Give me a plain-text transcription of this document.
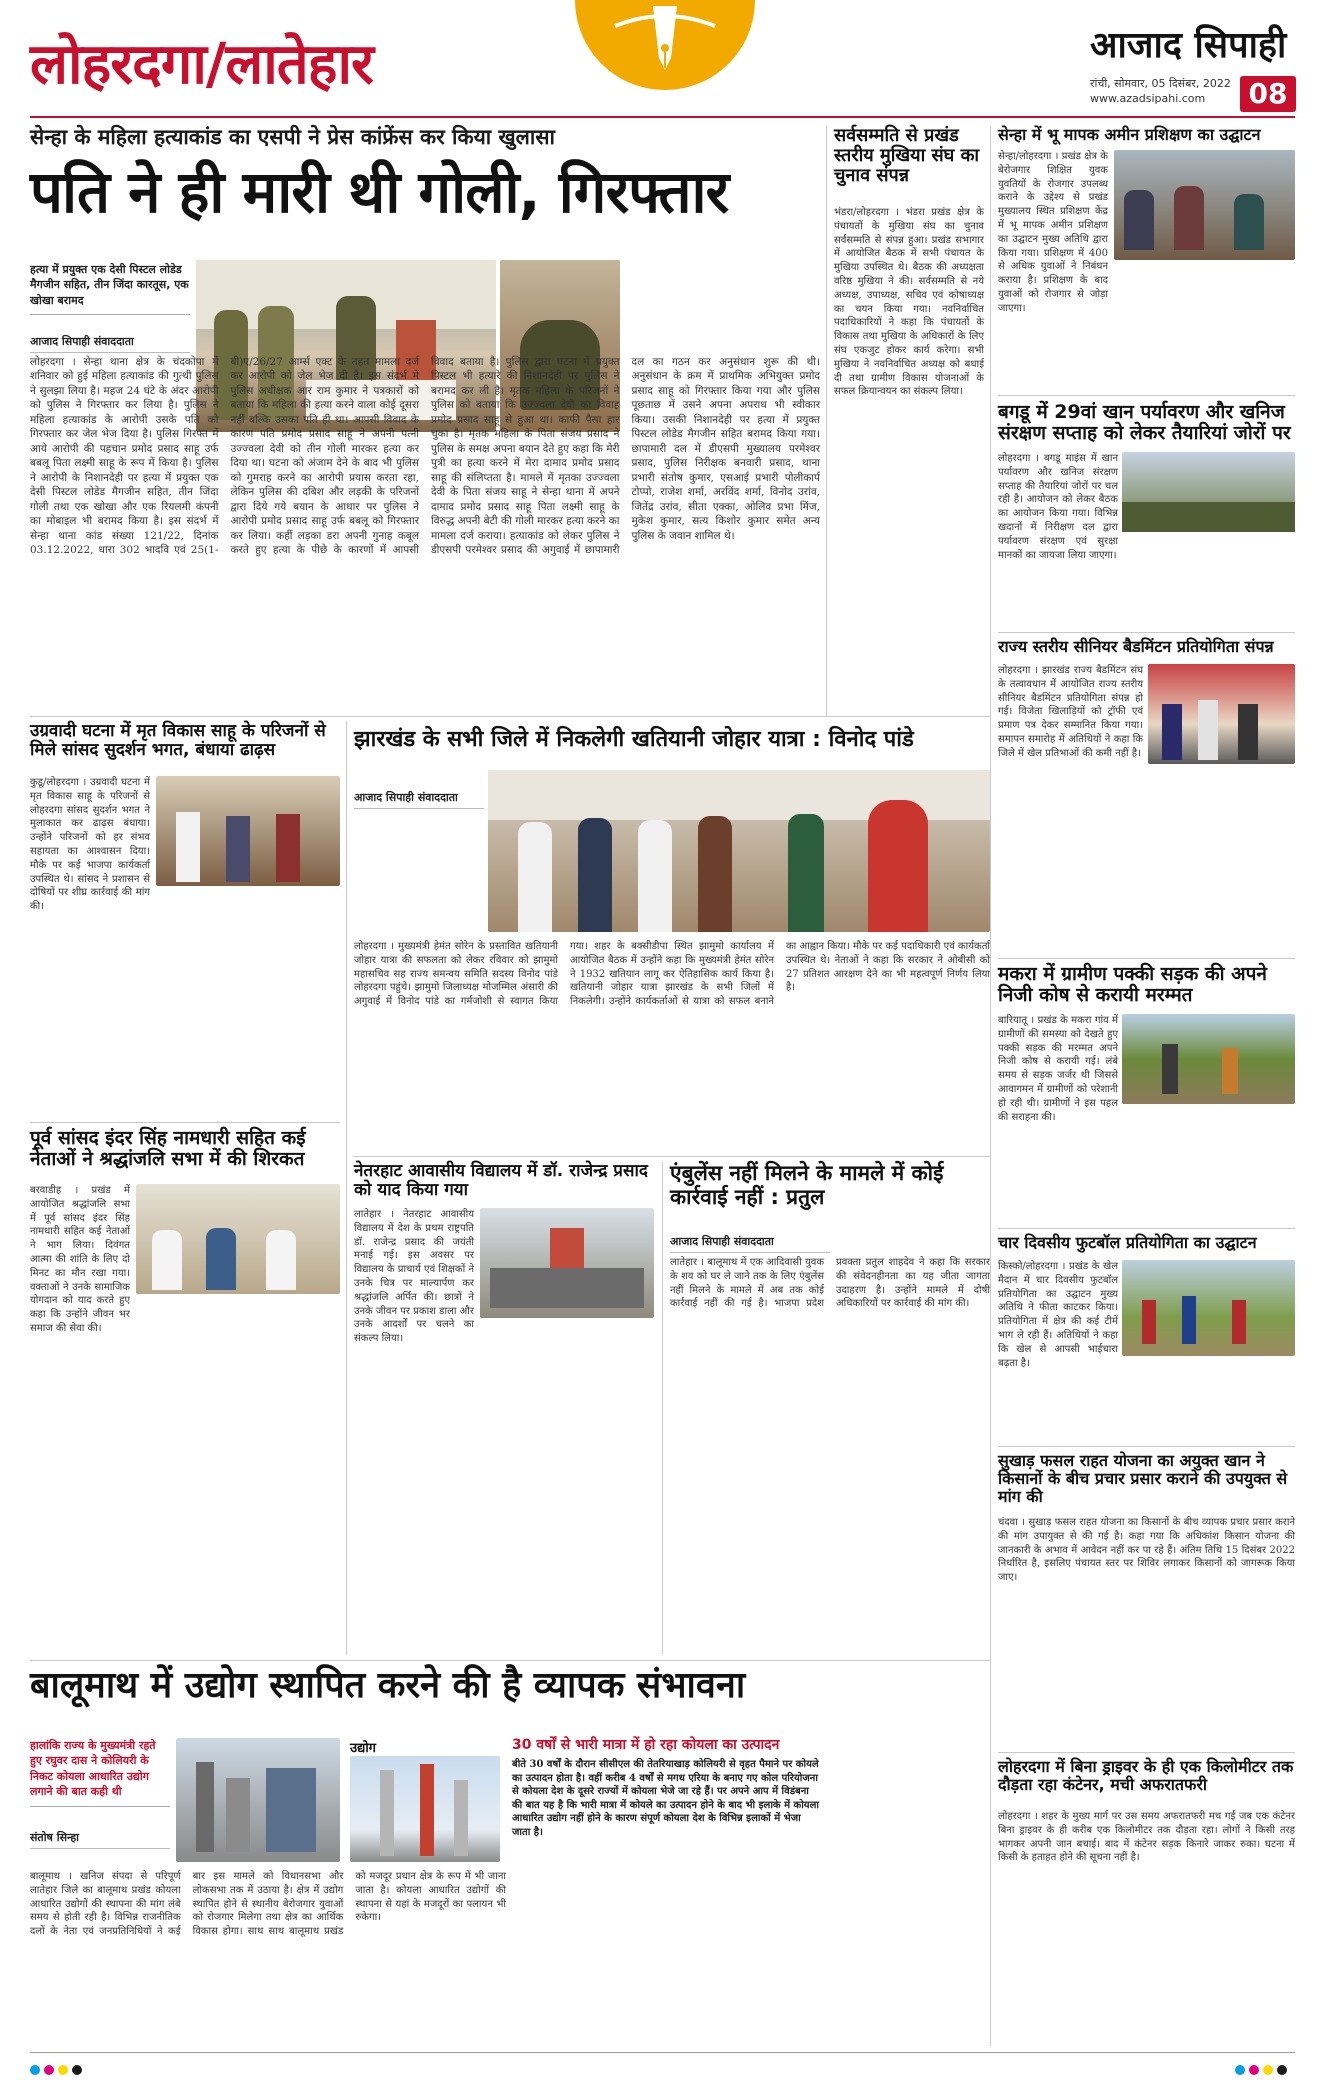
लोहरदगा/लातेहार	आजाद सिपाही
रांची, सोमवार, 05 दिसंबर, 2022
www.azadsipahi.com	08
सेन्हा के महिला हत्याकांड का एसपी ने प्रेस कांफ्रेंस कर किया खुलासा
पति ने ही मारी थी गोली, गिरफ्तार
हत्या में प्रयुक्त एक देसी पिस्टल लोडेड मैगजीन सहित, तीन जिंदा कारतूस, एक खोखा बरामद
आजाद सिपाही संवाददाता
लोहरदगा । सेन्हा थाना क्षेत्र के चंदकोपा में शनिवार को हुई महिला हत्याकांड की गुत्थी पुलिस ने सुलझा लिया है। महज 24 घंटे के अंदर आरोपी को पुलिस ने गिरफ्तार कर लिया है। पुलिस ने महिला हत्याकांड के आरोपी उसके पति को गिरफ्तार कर जेल भेज दिया है। पुलिस गिरफ्त में आये आरोपी की पहचान प्रमोद प्रसाद साहू उर्फ बबलू पिता लक्ष्मी साहू के रूप में किया है। पुलिस ने आरोपी के निशानदेही पर हत्या में प्रयुक्त एक देसी पिस्टल लोडेड मैगजीन सहित, तीन जिंदा गोली तथा एक खोखा और एक रियलमी कंपनी का मोबाइल भी बरामद किया है। इस संदर्भ में सेन्हा थाना कांड संख्या 121/22, दिनांक 03.12.2022, धारा 302 भादवि एवं 25(1-बी)ए/26/27 आर्म्स एक्ट के तहत मामला दर्ज कर आरोपी को जेल भेज दी है। इस संदर्भ में पुलिस अधीक्षक आर राम कुमार ने पत्रकारों को बताया कि महिला की हत्या करने वाला कोई दूसरा नहीं बल्कि उसका पति ही था। आपसी विवाद के कारण पति प्रमोद प्रसाद साहू ने अपनी पत्नी उज्ज्वला देवी को तीन गोली मारकर हत्या कर दिया था। घटना को अंजाम देने के बाद भी पुलिस को गुमराह करने का आरोपी प्रयास करता रहा, लेकिन पुलिस की दबिश और लड़की के परिजनों द्वारा दिये गये बयान के आधार पर पुलिस ने आरोपी प्रमोद प्रसाद साहू उर्फ बबलू को गिरफ्तार कर लिया। कहीं लड़का डरा अपनी गुनाह कबूल करते हुए हत्या के पीछे के कारणों में आपसी विवाद बताया है। पुलिस द्वारा घटना में प्रयुक्त पिस्टल भी हत्यारे की निशानदेही पर पुलिस ने बरामद कर ली है। मृतक महिला के परिजनों ने पुलिस को बताया कि उज्ज्वला देवी का विवाह प्रमोद प्रसाद साहू से हुआ था। काफी पैसा हार चुका है। मृतक महिला के पिता संजय प्रसाद ने पुलिस के समक्ष अपना बयान देते हुए कहा कि मेरी पुत्री का हत्या करने में मेरा दामाद प्रमोद प्रसाद साहू की संलिप्तता है। मामले में मृतका उज्ज्वला देवी के पिता संजय साहू ने सेन्हा थाना में अपने दामाद प्रमोद प्रसाद साहू पिता लक्ष्मी साहू के विरुद्ध अपनी बेटी की गोली मारकर हत्या करने का मामला दर्ज कराया। हत्याकांड को लेकर पुलिस ने डीएसपी परमेश्वर प्रसाद की अगुवाई में छापामारी दल का गठन कर अनुसंधान शुरू की थी। अनुसंधान के क्रम में प्राथमिक अभियुक्त प्रमोद प्रसाद साहू को गिरफ्तार किया गया और पुलिस पूछताछ में उसने अपना अपराध भी स्वीकार किया। उसकी निशानदेही पर हत्या में प्रयुक्त पिस्टल लोडेड मैगजीन सहित बरामद किया गया। छापामारी दल में डीएसपी मुख्यालय परमेश्वर प्रसाद, पुलिस निरीक्षक बनवारी प्रसाद, थाना प्रभारी संतोष कुमार, एसआई प्रभारी पोलीकार्प टोप्पो, राजेश शर्मा, अरविंद शर्मा, विनोद उरांव, जितेंद्र उरांव, सीता एक्का, ओलिव प्रभा मिंज, मुकेश कुमार, सत्य किशोर कुमार समेत अन्य पुलिस के जवान शामिल थे।
सर्वसम्मति से प्रखंड स्तरीय मुखिया संघ का चुनाव संपन्न
भंडरा/लोहरदगा । भंडरा प्रखंड क्षेत्र के पंचायतों के मुखिया संघ का चुनाव सर्वसम्मति से संपन्न हुआ। प्रखंड सभागार में आयोजित बैठक में सभी पंचायत के मुखिया उपस्थित थे। बैठक की अध्यक्षता वरिष्ठ मुखिया ने की। सर्वसम्मति से नये अध्यक्ष, उपाध्यक्ष, सचिव एवं कोषाध्यक्ष का चयन किया गया। नवनिर्वाचित पदाधिकारियों ने कहा कि पंचायतों के विकास तथा मुखिया के अधिकारों के लिए संघ एकजुट होकर कार्य करेगा। सभी मुखिया ने नवनिर्वाचित अध्यक्ष को बधाई दी तथा ग्रामीण विकास योजनाओं के सफल क्रियान्वयन का संकल्प लिया।
सेन्हा में भू मापक अमीन प्रशिक्षण का उद्घाटन
सेन्हा/लोहरदगा । प्रखंड क्षेत्र के बेरोजगार शिक्षित युवक युवतियों के रोजगार उपलब्ध कराने के उद्देश्य से प्रखंड मुख्यालय स्थित प्रशिक्षण केंद्र में भू मापक अमीन प्रशिक्षण का उद्घाटन मुख्य अतिथि द्वारा किया गया। प्रशिक्षण में 400 से अधिक युवाओं ने निबंधन कराया है। प्रशिक्षण के बाद युवाओं को रोजगार से जोड़ा जाएगा।
बगडू में 29वां खान पर्यावरण और खनिज संरक्षण सप्ताह को लेकर तैयारियां जोरों पर
लोहरदगा । बगडू माइंस में खान पर्यावरण और खनिज संरक्षण सप्ताह की तैयारियां जोरों पर चल रही है। आयोजन को लेकर बैठक का आयोजन किया गया। विभिन्न खदानों में निरीक्षण दल द्वारा पर्यावरण संरक्षण एवं सुरक्षा मानकों का जायजा लिया जाएगा।
राज्य स्तरीय सीनियर बैडमिंटन प्रतियोगिता संपन्न
लोहरदगा । झारखंड राज्य बैडमिंटन संघ के तत्वावधान में आयोजित राज्य स्तरीय सीनियर बैडमिंटन प्रतियोगिता संपन्न हो गई। विजेता खिलाड़ियों को ट्रॉफी एवं प्रमाण पत्र देकर सम्मानित किया गया। समापन समारोह में अतिथियों ने कहा कि जिले में खेल प्रतिभाओं की कमी नहीं है।
मकरा में ग्रामीण पक्की सड़क की अपने निजी कोष से करायी मरम्मत
बारियातू । प्रखंड के मकरा गांव में ग्रामीणों की समस्या को देखते हुए पक्की सड़क की मरम्मत अपने निजी कोष से करायी गई। लंबे समय से सड़क जर्जर थी जिससे आवागमन में ग्रामीणों को परेशानी हो रही थी। ग्रामीणों ने इस पहल की सराहना की।
चार दिवसीय फुटबॉल प्रतियोगिता का उद्घाटन
किस्को/लोहरदगा । प्रखंड के खेल मैदान में चार दिवसीय फुटबॉल प्रतियोगिता का उद्घाटन मुख्य अतिथि ने फीता काटकर किया। प्रतियोगिता में क्षेत्र की कई टीमें भाग ले रही हैं। अतिथियों ने कहा कि खेल से आपसी भाईचारा बढ़ता है।
सुखाड़ फसल राहत योजना का अयुक्त खान ने किसानों के बीच प्रचार प्रसार कराने की उपयुक्त से मांग की
चंदवा । सुखाड़ फसल राहत योजना का किसानों के बीच व्यापक प्रचार प्रसार कराने की मांग उपायुक्त से की गई है। कहा गया कि अधिकांश किसान योजना की जानकारी के अभाव में आवेदन नहीं कर पा रहे हैं। अंतिम तिथि 15 दिसंबर 2022 निर्धारित है, इसलिए पंचायत स्तर पर शिविर लगाकर किसानों को जागरूक किया जाए।
लोहरदगा में बिना ड्राइवर के ही एक किलोमीटर तक दौड़ता रहा कंटेनर, मची अफरातफरी
लोहरदगा । शहर के मुख्य मार्ग पर उस समय अफरातफरी मच गई जब एक कंटेनर बिना ड्राइवर के ही करीब एक किलोमीटर तक दौड़ता रहा। लोगों ने किसी तरह भागकर अपनी जान बचाई। बाद में कंटेनर सड़क किनारे जाकर रुका। घटना में किसी के हताहत होने की सूचना नहीं है।
उग्रवादी घटना में मृत विकास साहू के परिजनों से मिले सांसद सुदर्शन भगत, बंधाया ढाढ़स
कुडू/लोहरदगा । उग्रवादी घटना में मृत विकास साहू के परिजनों से लोहरदगा सांसद सुदर्शन भगत ने मुलाकात कर ढाढ़स बंधाया। उन्होंने परिजनों को हर संभव सहायता का आश्वासन दिया। मौके पर कई भाजपा कार्यकर्ता उपस्थित थे। सांसद ने प्रशासन से दोषियों पर शीघ्र कार्रवाई की मांग की।
पूर्व सांसद इंदर सिंह नामधारी सहित कई नेताओं ने श्रद्धांजलि सभा में की शिरकत
बरवाडीह । प्रखंड में आयोजित श्रद्धांजलि सभा में पूर्व सांसद इंदर सिंह नामधारी सहित कई नेताओं ने भाग लिया। दिवंगत आत्मा की शांति के लिए दो मिनट का मौन रखा गया। वक्ताओं ने उनके सामाजिक योगदान को याद करते हुए कहा कि उन्होंने जीवन भर समाज की सेवा की।
झारखंड के सभी जिले में निकलेगी खतियानी जोहार यात्रा : विनोद पांडे
आजाद सिपाही संवाददाता
लोहरदगा । मुख्यमंत्री हेमंत सोरेन के प्रस्तावित खतियानी जोहार यात्रा की सफलता को लेकर रविवार को झामुमो महासचिव सह राज्य समन्वय समिति सदस्य विनोद पांडे लोहरदगा पहुंचे। झामुमो जिलाध्यक्ष मोजम्मिल अंसारी की अगुवाई में विनोद पांडे का गर्मजोशी से स्वागत किया गया। शहर के बक्सीडीपा स्थित झामुमो कार्यालय में आयोजित बैठक में उन्होंने कहा कि मुख्यमंत्री हेमंत सोरेन ने 1932 खतियान लागू कर ऐतिहासिक कार्य किया है। खतियानी जोहार यात्रा झारखंड के सभी जिलों में निकलेगी। उन्होंने कार्यकर्ताओं से यात्रा को सफल बनाने का आह्वान किया। मौके पर कई पदाधिकारी एवं कार्यकर्ता उपस्थित थे। नेताओं ने कहा कि सरकार ने ओबीसी को 27 प्रतिशत आरक्षण देने का भी महत्वपूर्ण निर्णय लिया है।
नेतरहाट आवासीय विद्यालय में डॉ. राजेन्द्र प्रसाद को याद किया गया
लातेहार । नेतरहाट आवासीय विद्यालय में देश के प्रथम राष्ट्रपति डॉ. राजेन्द्र प्रसाद की जयंती मनाई गई। इस अवसर पर विद्यालय के प्राचार्य एवं शिक्षकों ने उनके चित्र पर माल्यार्पण कर श्रद्धांजलि अर्पित की। छात्रों ने उनके जीवन पर प्रकाश डाला और उनके आदर्शों पर चलने का संकल्प लिया।
एंबुलेंस नहीं मिलने के मामले में कोई कार्रवाई नहीं : प्रतुल
आजाद सिपाही संवाददाता
लातेहार । बालूमाथ में एक आदिवासी युवक के शव को घर ले जाने तक के लिए एंबुलेंस नहीं मिलने के मामले में अब तक कोई कार्रवाई नहीं की गई है। भाजपा प्रदेश प्रवक्ता प्रतुल शाहदेव ने कहा कि सरकार की संवेदनहीनता का यह जीता जागता उदाहरण है। उन्होंने मामले में दोषी अधिकारियों पर कार्रवाई की मांग की।
बालूमाथ में उद्योग स्थापित करने की है व्यापक संभावना
हालांकि राज्य के मुख्यमंत्री रहते हुए रघुवर दास ने कोलियरी के निकट कोयला आधारित उद्योग लगाने की बात कही थी
संतोष सिन्हा
उद्योग
बालूमाथ । खनिज संपदा से परिपूर्ण लातेहार जिले का बालूमाथ प्रखंड कोयला आधारित उद्योगों की स्थापना की मांग लंबे समय से होती रही है। विभिन्न राजनीतिक दलों के नेता एवं जनप्रतिनिधियों ने कई बार इस मामले को विधानसभा और लोकसभा तक में उठाया है। क्षेत्र में उद्योग स्थापित होने से स्थानीय बेरोजगार युवाओं को रोजगार मिलेगा तथा क्षेत्र का आर्थिक विकास होगा। साथ साथ बालूमाथ प्रखंड को मजदूर प्रधान क्षेत्र के रूप में भी जाना जाता है। कोयला आधारित उद्योगों की स्थापना से यहां के मजदूरों का पलायन भी रुकेगा।
30 वर्षों से भारी मात्रा में हो रहा कोयला का उत्पादन
बीते 30 वर्षों के दौरान सीसीएल की तेतरियाखाड़ कोलियरी से वृहत पैमाने पर कोयले का उत्पादन होता है। वहीं करीब 4 वर्षों से मगध एरिया के बनाए गए कोल परियोजना से कोयला देश के दूसरे राज्यों में कोयला भेजे जा रहे हैं। पर अपने आप में विडंबना की बात यह है कि भारी मात्रा में कोयले का उत्पादन होने के बाद भी इलाके में कोयला आधारित उद्योग नहीं होने के कारण संपूर्ण कोयला देश के विभिन्न इलाकों में भेजा जाता है।
